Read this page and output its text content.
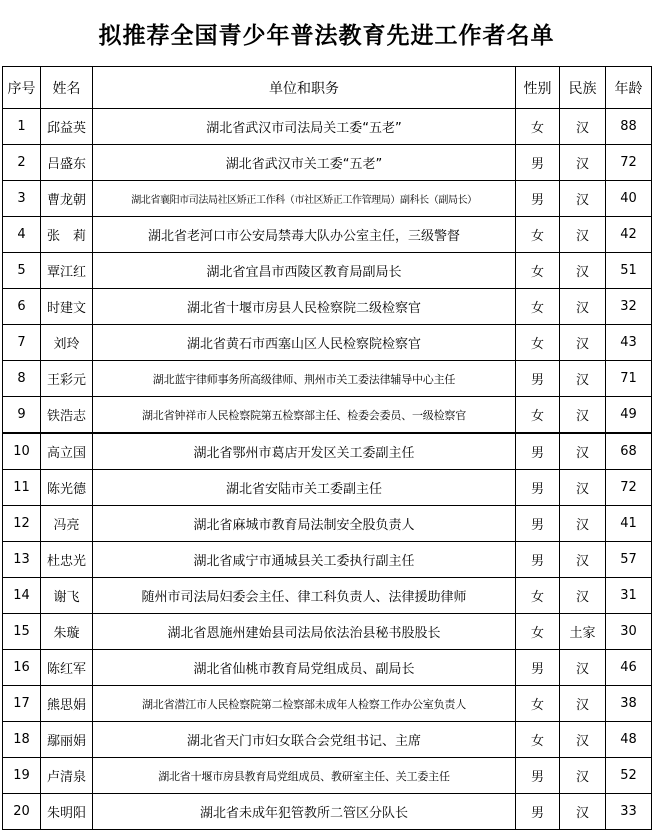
拟推荐全国青少年普法教育先进工作者名单
序号	姓名	单位和职务	性别	民族	年龄
1	邱益英	湖北省武汉市司法局关工委“五老”	女	汉	88
2	吕盛东	湖北省武汉市关工委“五老”	男	汉	72
3	曹龙朝	湖北省襄阳市司法局社区矫正工作科（市社区矫正工作管理局）副科长（副局长）	男	汉	40
4	张　莉	湖北省老河口市公安局禁毒大队办公室主任，三级警督	女	汉	42
5	覃江红	湖北省宜昌市西陵区教育局副局长	女	汉	51
6	时建文	湖北省十堰市房县人民检察院二级检察官	女	汉	32
7	刘玲	湖北省黄石市西塞山区人民检察院检察官	女	汉	43
8	王彩元	湖北蓝宇律师事务所高级律师、荆州市关工委法律辅导中心主任	男	汉	71
9	铁浩志	湖北省钟祥市人民检察院第五检察部主任、检委会委员、一级检察官	女	汉	49
10	高立国	湖北省鄂州市葛店开发区关工委副主任	男	汉	68
11	陈光德	湖北省安陆市关工委副主任	男	汉	72
12	冯亮	湖北省麻城市教育局法制安全股负责人	男	汉	41
13	杜忠光	湖北省咸宁市通城县关工委执行副主任	男	汉	57
14	谢飞	随州市司法局妇委会主任、律工科负责人、法律援助律师	女	汉	31
15	朱璇	湖北省恩施州建始县司法局依法治县秘书股股长	女	土家	30
16	陈红军	湖北省仙桃市教育局党组成员、副局长	男	汉	46
17	熊思娟	湖北省潜江市人民检察院第二检察部未成年人检察工作办公室负责人	女	汉	38
18	鄢丽娟	湖北省天门市妇女联合会党组书记、主席	女	汉	48
19	卢清泉	湖北省十堰市房县教育局党组成员、教研室主任、关工委主任	男	汉	52
20	朱明阳	湖北省未成年犯管教所二管区分队长	男	汉	33
